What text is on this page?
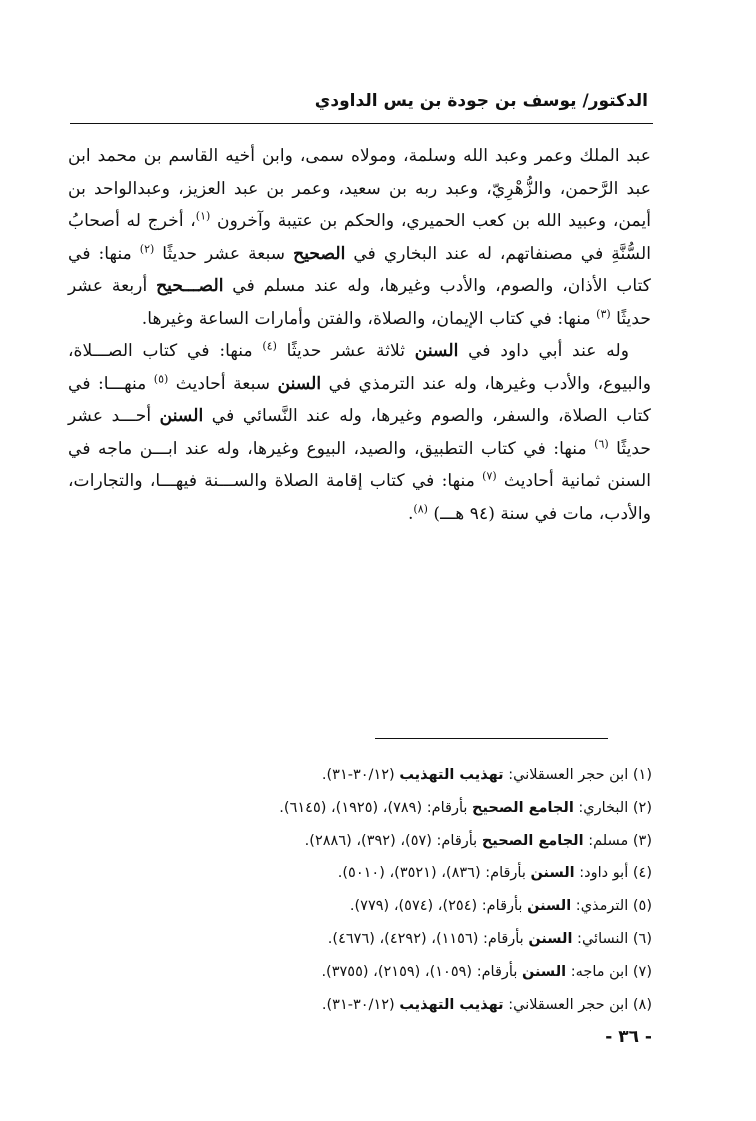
الدكتور/ يوسف بن جودة بن يس الداودي

عبد الملك وعمر وعبد الله وسلمة، ومولاه سمى، وابن أخيه القاسم بن محمد ابن عبد الرَّحمن، والزُّهْرِيّ، وعبد ربه بن سعيد، وعمر بن عبد العزيز، وعبدالواحد بن أيمن، وعبيد الله بن كعب الحميري، والحكم بن عتيبة وآخرون $^{(١)}$، أخرج له أصحابُ السُّنَّةِ في مصنفاتهم، له عند البخاري في الصحيح سبعة عشر حديثًا $^{(٢)}$ منها: في كتاب الأذان، والصوم، والأدب وغيرها، وله عند مسلم في الصـــحيح أربعة عشر حديثًا $^{(٣)}$ منها: في كتاب الإيمان، والصلاة، والفتن وأمارات الساعة وغيرها.

وله عند أبي داود في السنن ثلاثة عشر حديثًا $^{(٤)}$ منها: في كتاب الصـــلاة، والبيوع، والأدب وغيرها، وله عند الترمذي في السنن سبعة أحاديث $^{(٥)}$ منهـــا: في كتاب الصلاة، والسفر، والصوم وغيرها، وله عند النَّسائي في السنن أحـــد عشر حديثًا $^{(٦)}$ منها: في كتاب التطبيق، والصيد، البيوع وغيرها، وله عند ابـــن ماجه في السنن ثمانية أحاديث $^{(٧)}$ منها: في كتاب إقامة الصلاة والســـنة فيهـــا، والتجارات، والأدب، مات في سنة (٩٤ هـــ) $^{(٨)}$.

(١) ابن حجر العسقلاني: تهذيب التهذيب (٣٠/١٢-٣١).
(٢) البخاري: الجامع الصحيح بأرقام: (٧٨٩)، (١٩٢٥)، (٦١٤٥).
(٣) مسلم: الجامع الصحيح بأرقام: (٥٧)، (٣٩٢)، (٢٨٨٦).
(٤) أبو داود: السنن بأرقام: (٨٣٦)، (٣٥٢١)، (٥٠١٠).
(٥) الترمذي: السنن بأرقام: (٢٥٤)، (٥٧٤)، (٧٧٩).
(٦) النسائي: السنن بأرقام: (١١٥٦)، (٤٢٩٢)، (٤٦٧٦).
(٧) ابن ماجه: السنن بأرقام: (١٠٥٩)، (٢١٥٩)، (٣٧٥٥).
(٨) ابن حجر العسقلاني: تهذيب التهذيب (٣٠/١٢-٣١).
- ٣٦ -
